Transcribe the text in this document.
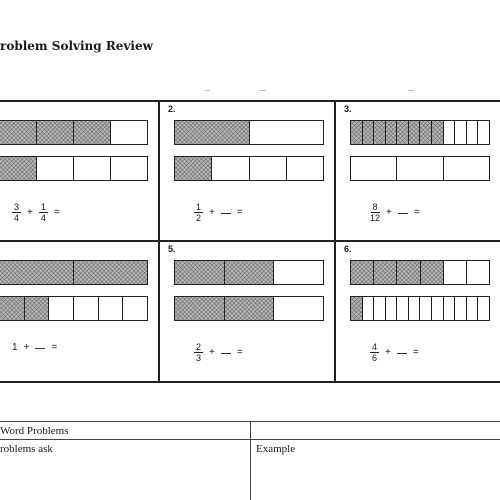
roblem Solving Review
$\frac{3}{4} + \frac{1}{4}$ =
2.
$\frac{1}{2}$ + =
3.
$\frac{8}{12}$ + =
1 + =
5.
$\frac{2}{3}$ + =
6.
$\frac{4}{6}$ + =
Word Problems
roblems ask	Example
